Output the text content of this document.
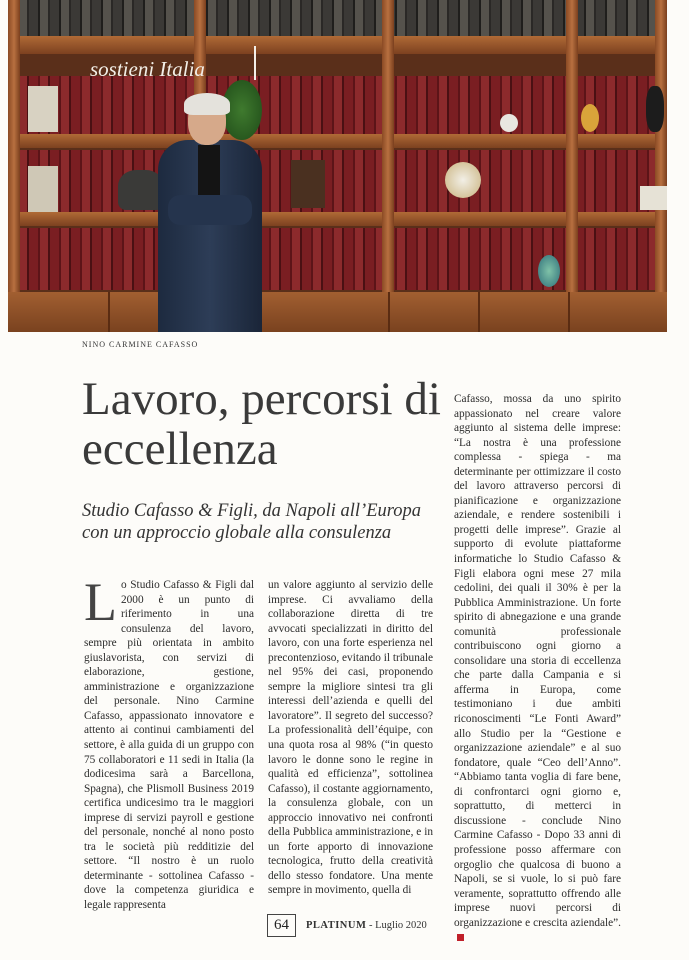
sostieni Italia
NINO CARMINE CAFASSO
Lavoro, percorsi di eccellenza
Studio Cafasso & Figli, da Napoli all’Europa con un approccio globale alla consulenza
L o Studio Cafasso & Figli dal 2000 è un punto di riferimento in una consulenza del lavoro, sempre più orientata in ambito giuslavorista, con servizi di elaborazione, gestione, amministrazione e organizzazione del personale. Nino Carmine Cafasso, appassionato innovatore e attento ai continui cambiamenti del settore, è alla guida di un gruppo con 75 collaboratori e 11 sedi in Italia (la dodicesima sarà a Barcellona, Spagna), che Plismoll Business 2019 certifica undicesimo tra le maggiori imprese di servizi payroll e gestione del personale, nonché al nono posto tra le società più redditizie del settore. “Il nostro è un ruolo determinante - sottolinea Cafasso - dove la competenza giuridica e legale rappresenta

un valore aggiunto al servizio delle imprese. Ci avvaliamo della collaborazione diretta di tre avvocati specializzati in diritto del lavoro, con una forte esperienza nel precontenzioso, evitando il tribunale nel 95% dei casi, proponendo sempre la migliore sintesi tra gli interessi dell’azienda e quelli del lavoratore”. Il segreto del successo? La professionalità dell’équipe, con una quota rosa al 98% (“in questo lavoro le donne sono le regine in qualità ed efficienza”, sottolinea Cafasso), il costante aggiornamento, la consulenza globale, con un approccio innovativo nei confronti della Pubblica amministrazione, e in un forte apporto di innovazione tecnologica, frutto della creatività dello stesso fondatore. Una mente sempre in movimento, quella di

Cafasso, mossa da uno spirito appassionato nel creare valore aggiunto al sistema delle imprese: “La nostra è una professione complessa - spiega - ma determinante per ottimizzare il costo del lavoro attraverso percorsi di pianificazione e organizzazione aziendale, e rendere sostenibili i progetti delle imprese”. Grazie al supporto di evolute piattaforme informatiche lo Studio Cafasso & Figli elabora ogni mese 27 mila cedolini, dei quali il 30% è per la Pubblica Amministrazione. Un forte spirito di abnegazione e una grande comunità professionale contribuiscono ogni giorno a consolidare una storia di eccellenza che parte dalla Campania e si afferma in Europa, come testimoniano i due ambiti riconoscimenti “Le Fonti Award” allo Studio per la “Gestione e organizzazione aziendale” e al suo fondatore, quale “Ceo dell’Anno”. “Abbiamo tanta voglia di fare bene, di confrontarci ogni giorno e, soprattutto, di metterci in discussione - conclude Nino Carmine Cafasso - Dopo 33 anni di professione posso affermare con orgoglio che qualcosa di buono a Napoli, se si vuole, lo si può fare veramente, soprattutto offrendo alle imprese nuovi percorsi di organizzazione e crescita aziendale”.

64	PLATINUM - Luglio 2020
